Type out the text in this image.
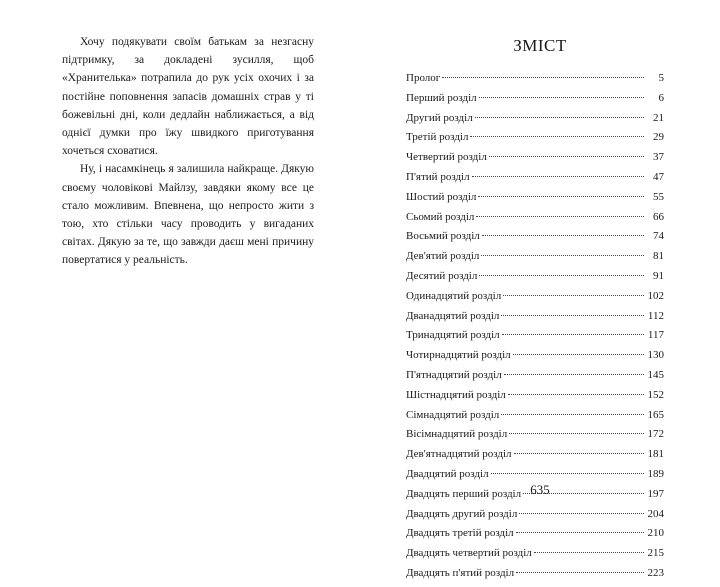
Хочу подякувати своїм батькам за незгасну підтримку, за докладені зусилля, щоб «Хранителька» потрапила до рук усіх охочих і за постійне поповнення запасів домашніх страв у ті божевільні дні, коли дедлайн наближається, а від однієї думки про їжу швидкого приготування хочеться сховатися.

Ну, і насамкінець я залишила найкраще. Дякую своєму чоловікові Майлзу, завдяки якому все це стало можливим. Впевнена, що непросто жити з тою, хто стільки часу проводить у вигаданих світах. Дякую за те, що завжди даєш мені причину повертатися у реальність.

ЗМІСТ
Пролог	5
Перший розділ	6
Другий розділ	21
Третій розділ	29
Четвертий розділ	37
П'ятий розділ	47
Шостий розділ	55
Сьомий розділ	66
Восьмий розділ	74
Дев'ятий розділ	81
Десятий розділ	91
Одинадцятий розділ	102
Дванадцятий розділ	112
Тринадцятий розділ	117
Чотирнадцятий розділ	130
П'ятнадцятий розділ	145
Шістнадцятий розділ	152
Сімнадцятий розділ	165
Вісімнадцятий розділ	172
Дев'ятнадцятий розділ	181
Двадцятий розділ	189
Двадцять перший розділ	197
Двадцять другий розділ	204
Двадцять третій розділ	210
Двадцять четвертий розділ	215
Двадцять п'ятий розділ	223
635
